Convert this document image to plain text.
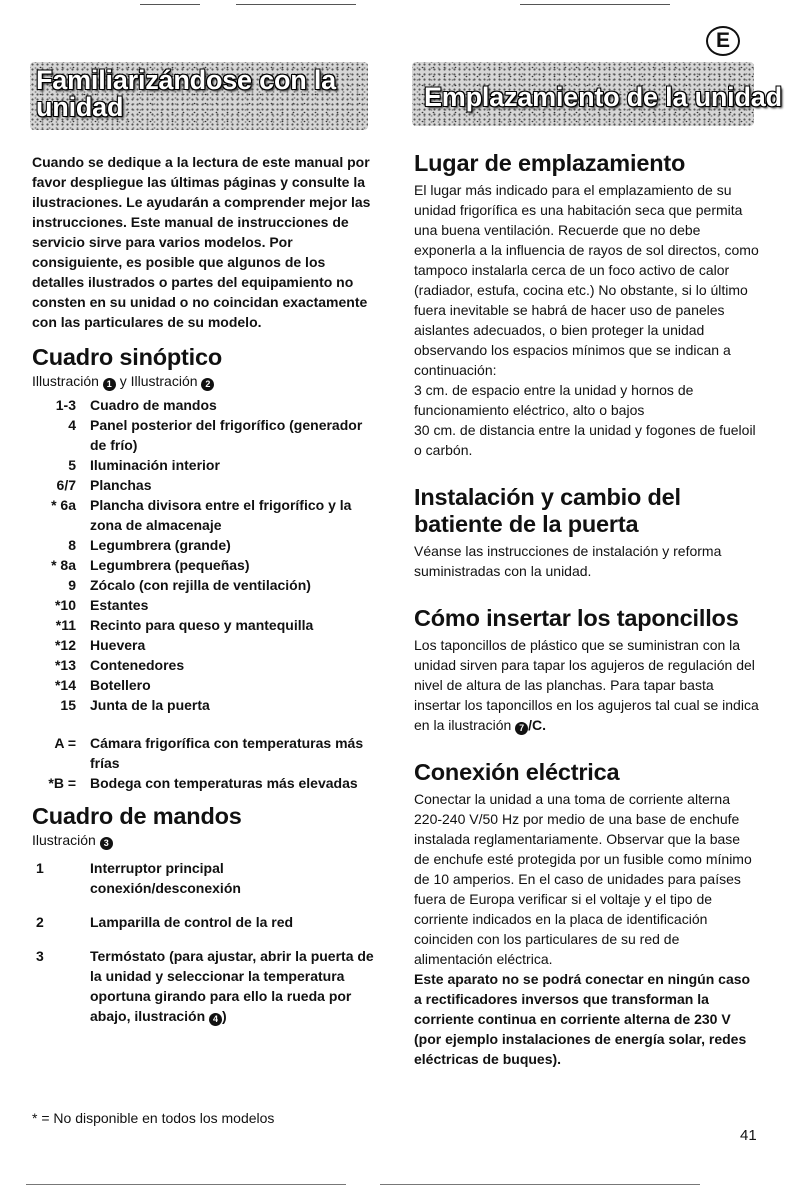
E
Familiarizándose con la unidad	Emplazamiento de la unidad

Cuando se dedique a la lectura de este manual por favor despliegue las últimas páginas y consulte la ilustraciones. Le ayudarán a comprender mejor las instrucciones. Este manual de instrucciones de servicio sirve para varios modelos. Por consiguiente, es posible que algunos de los detalles ilustrados o partes del equipamiento no consten en su unidad o no coincidan exactamente con las particulares de su modelo.

Cuadro sinóptico

Illustración 1 y Illustración 2

1-3	Cuadro de mandos
4	Panel posterior del frigorífico (generador de frío)
5	Iluminación interior
6/7	Planchas
* 6a	Plancha divisora entre el frigorífico y la zona de almacenaje
8	Legumbrera (grande)
* 8a	Legumbrera (pequeñas)
9	Zócalo (con rejilla de ventilación)
*10	Estantes
*11	Recinto para queso y mantequilla
*12	Huevera
*13	Contenedores
*14	Botellero
15	Junta de la puerta
A =	Cámara frigorífica con temperaturas más frías
*B =	Bodega con temperaturas más elevadas
Cuadro de mandos

Ilustración 3

1	Interruptor principal conexión/desconexión
2	Lamparilla de control de la red
3	Termóstato (para ajustar, abrir la puerta de la unidad y seleccionar la temperatura oportuna girando para ello la rueda por abajo, ilustración 4 )
* = No disponible en todos los modelos
Lugar de emplazamiento

El lugar más indicado para el emplazamiento de su unidad frigorífica es una habitación seca que permita una buena ventilación. Recuerde que no debe exponerla a la influencia de rayos de sol directos, como tampoco instalarla cerca de un foco activo de calor (radiador, estufa, cocina etc.) No obstante, si lo último fuera inevitable se habrá de hacer uso de paneles aislantes adecuados, o bien proteger la unidad observando los espacios mínimos que se indican a continuación:

3 cm. de espacio entre la unidad y hornos de funcionamiento eléctrico, alto o bajos

30 cm. de distancia entre la unidad y fogones de fueloil o carbón.

Instalación y cambio del batiente de la puerta

Véanse las instrucciones de instalación y reforma suministradas con la unidad.

Cómo insertar los taponcillos

Los taponcillos de plástico que se suministran con la unidad sirven para tapar los agujeros de regulación del nivel de altura de las planchas. Para tapar basta insertar los taponcillos en los agujeros tal cual se indica en la ilustración 7 /C.

Conexión eléctrica

Conectar la unidad a una toma de corriente alterna 220-240 V/50 Hz por medio de una base de enchufe instalada reglamentariamente. Observar que la base de enchufe esté protegida por un fusible como mínimo de 10 amperios. En el caso de unidades para países fuera de Europa verificar si el voltaje y el tipo de corriente indicados en la placa de identificación coinciden con los particulares de su red de alimentación eléctrica.

Este aparato no se podrá conectar en ningún caso a rectificadores inversos que transforman la corriente continua en corriente alterna de 230 V (por ejemplo instalaciones de energía solar, redes eléctricas de buques).

41
